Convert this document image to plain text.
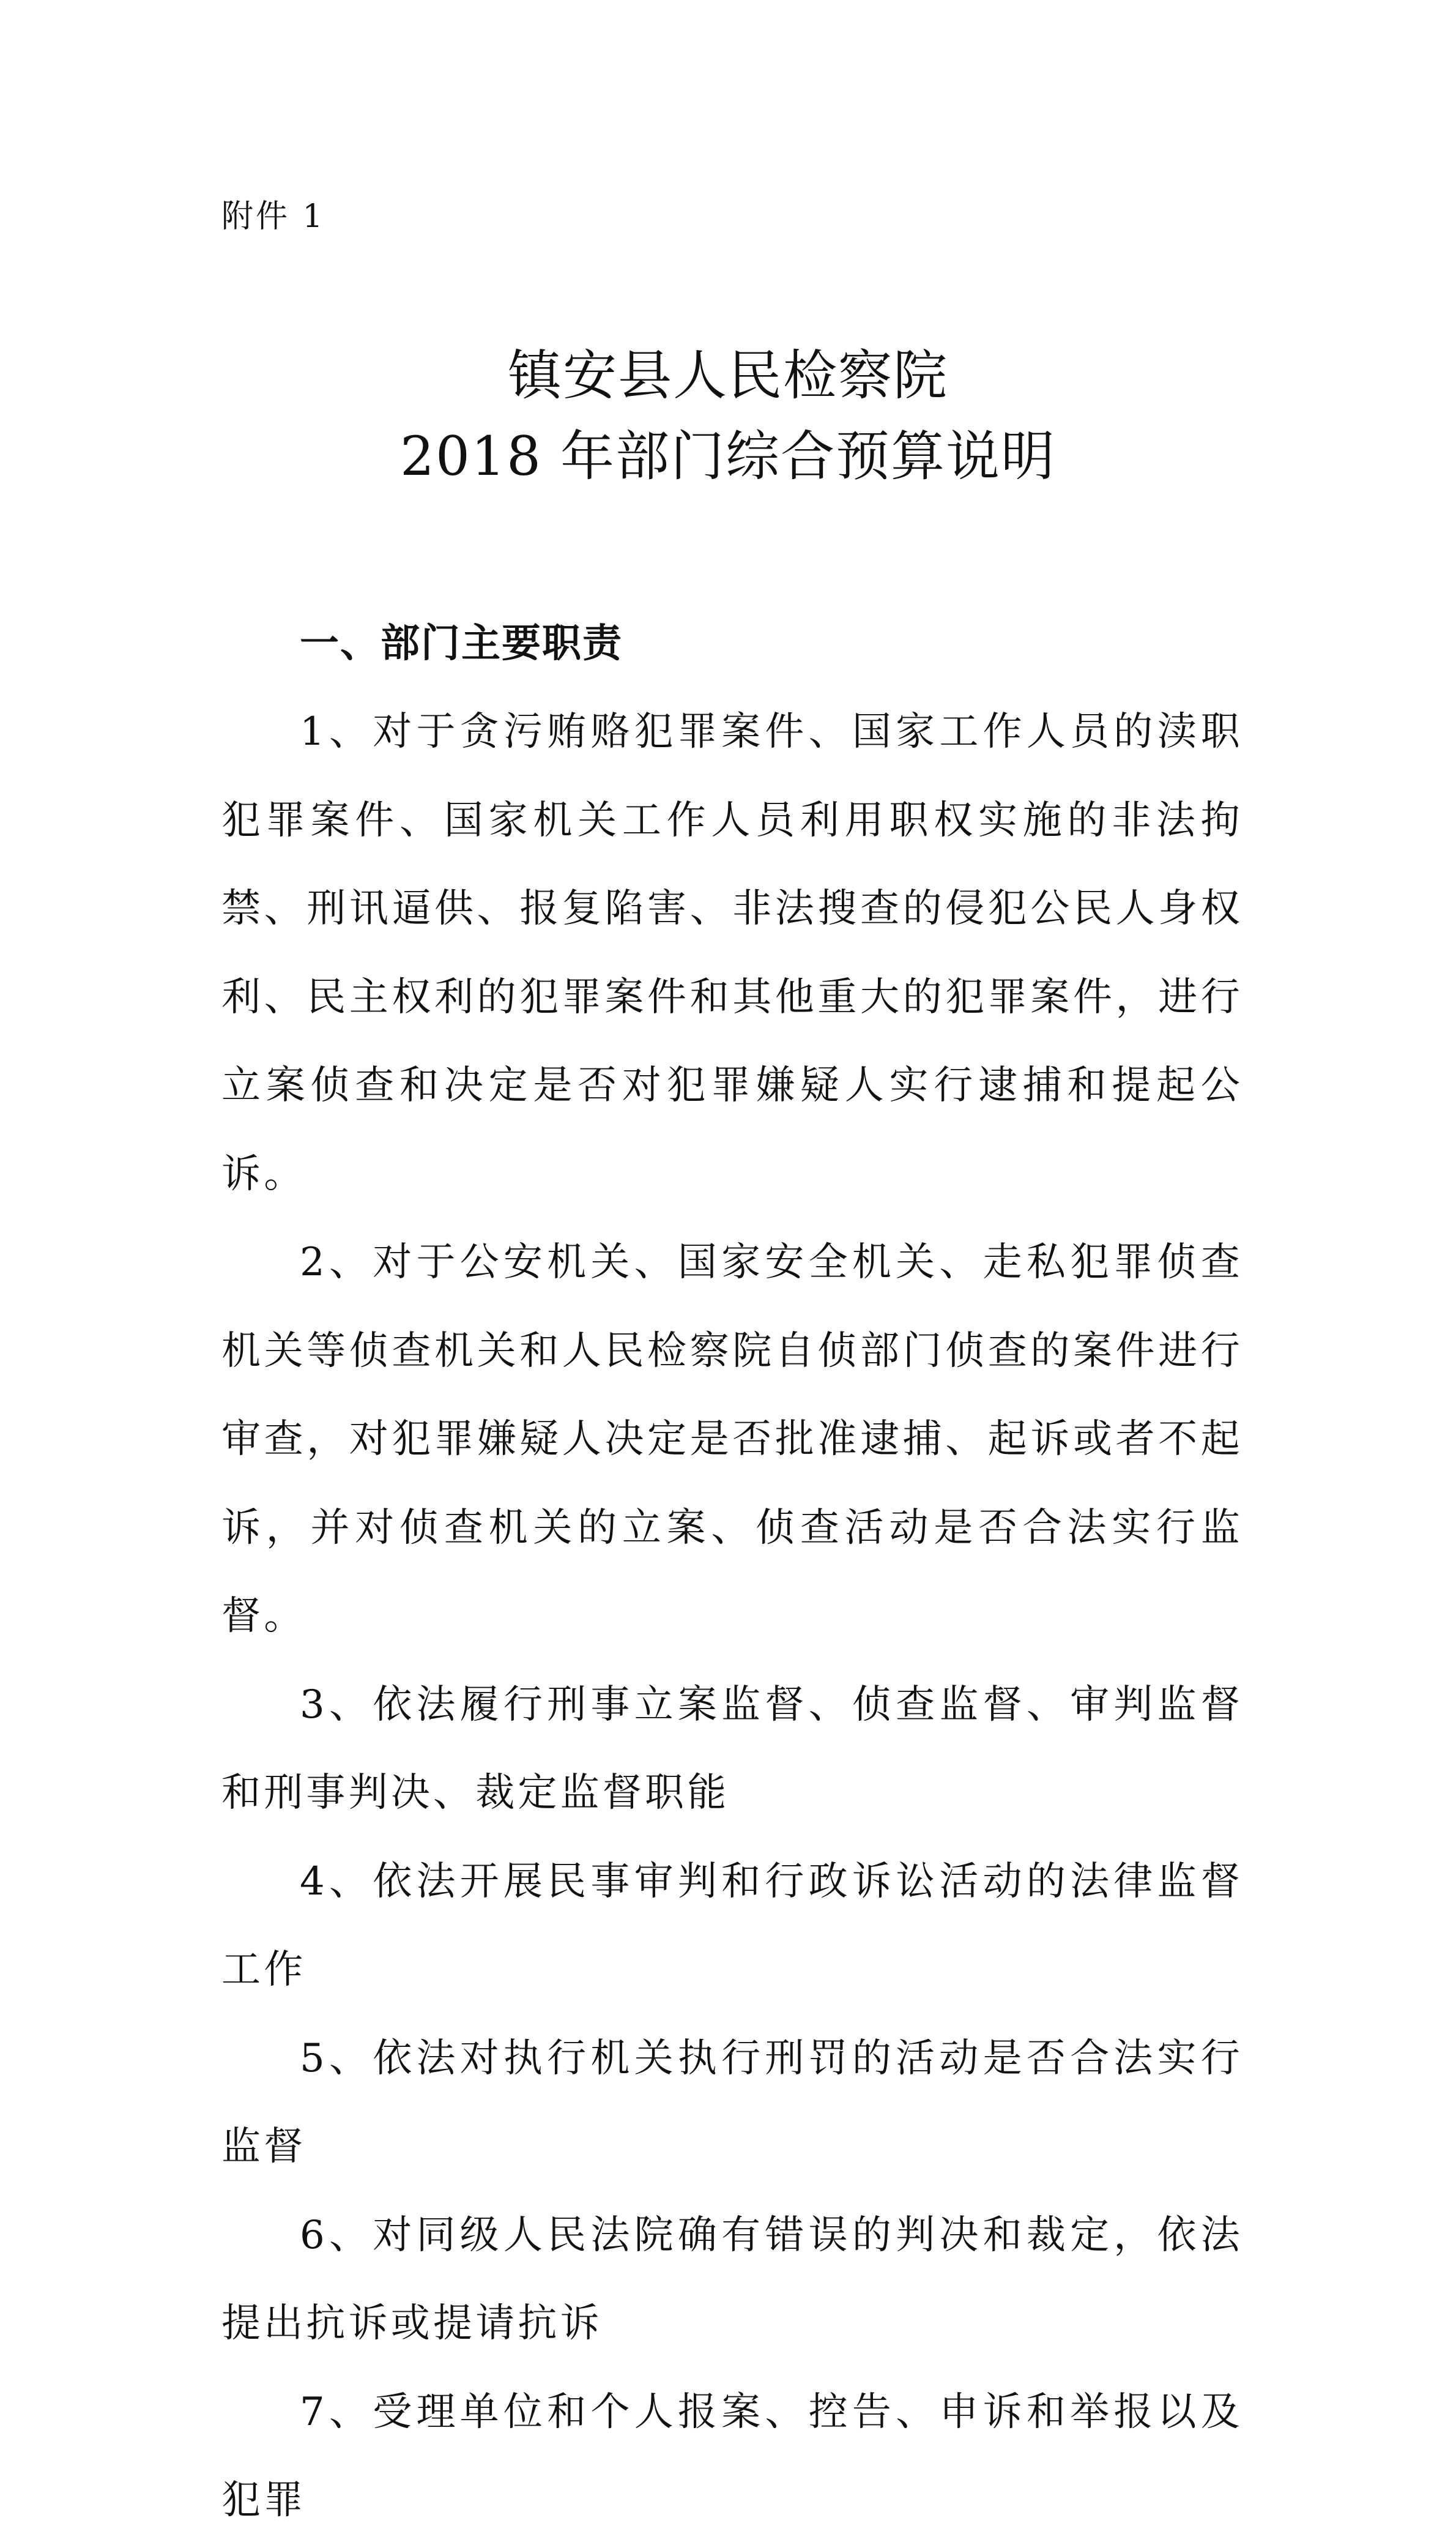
附件 1
镇安县人民检察院
2018 年部门综合预算说明

一、部门主要职责

1、对于贪污贿赂犯罪案件、国家工作人员的渎职犯罪案件、国家机关工作人员利用职权实施的非法拘禁、刑讯逼供、报复陷害、非法搜查的侵犯公民人身权利、民主权利的犯罪案件和其他重大的犯罪案件，进行立案侦查和决定是否对犯罪嫌疑人实行逮捕和提起公诉。

2、对于公安机关、国家安全机关、走私犯罪侦查机关等侦查机关和人民检察院自侦部门侦查的案件进行审查，对犯罪嫌疑人决定是否批准逮捕、起诉或者不起诉，并对侦查机关的立案、侦查活动是否合法实行监督。

3、依法履行刑事立案监督、侦查监督、审判监督和刑事判决、裁定监督职能

4、依法开展民事审判和行政诉讼活动的法律监督工作

5、依法对执行机关执行刑罚的活动是否合法实行监督

6、对同级人民法院确有错误的判决和裁定，依法提出抗诉或提请抗诉

7、受理单位和个人报案、控告、申诉和举报以及犯罪
